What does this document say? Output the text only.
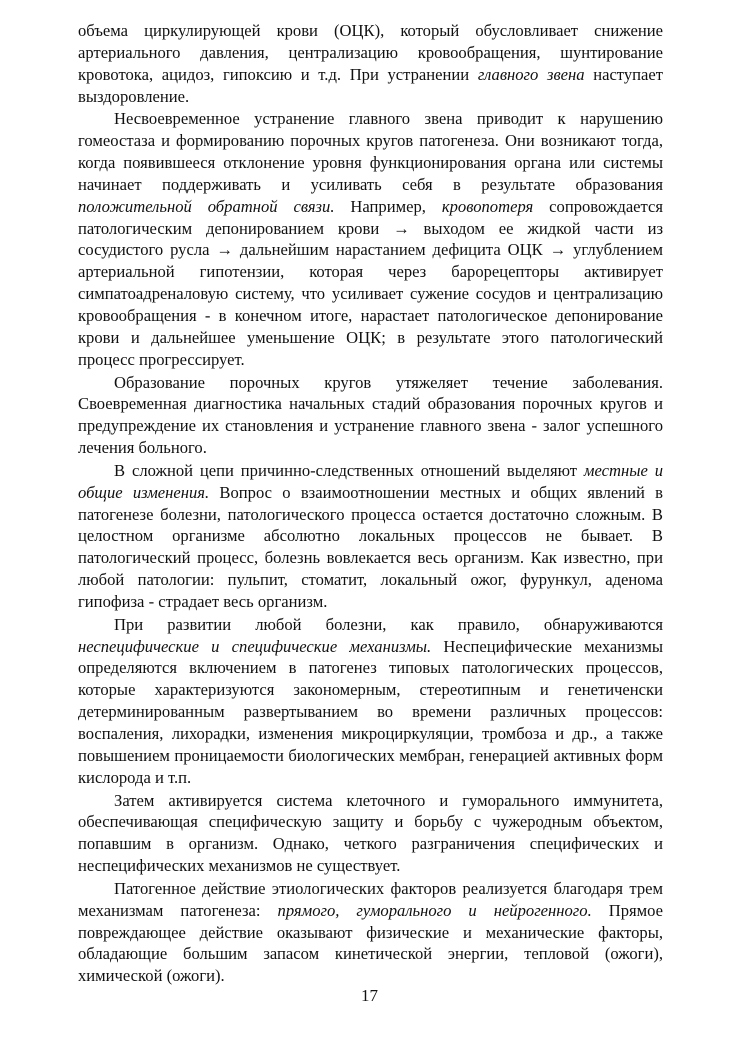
объема циркулирующей крови (ОЦК), который обусловливает снижение артериального давления, централизацию кровообращения, шунтирование кровотока, ацидоз, гипоксию и т.д. При устранении главного звена наступает выздоровление.

Несвоевременное устранение главного звена приводит к нарушению гомеостаза и формированию порочных кругов патогенеза. Они возникают тогда, когда появившееся отклонение уровня функционирования органа или системы начинает поддерживать и усиливать себя в результате образования положительной обратной связи. Например, кровопотеря сопровождается патологическим депонированием крови → выходом ее жидкой части из сосудистого русла → дальнейшим нарастанием дефицита ОЦК → углублением артериальной гипотензии, которая через барорецепторы активирует симпатоадреналовую систему, что усиливает сужение сосудов и централизацию кровообращения - в конечном итоге, нарастает патологическое депонирование крови и дальнейшее уменьшение ОЦК; в результате этого патологический процесс прогрессирует.

Образование порочных кругов утяжеляет течение заболевания. Своевременная диагностика начальных стадий образования порочных кругов и предупреждение их становления и устранение главного звена - залог успешного лечения больного.

В сложной цепи причинно-следственных отношений выделяют местные и общие изменения. Вопрос о взаимоотношении местных и общих явлений в патогенезе болезни, патологического процесса остается достаточно сложным. В целостном организме абсолютно локальных процессов не бывает. В патологический процесс, болезнь вовлекается весь организм. Как известно, при любой патологии: пульпит, стоматит, локальный ожог, фурункул, аденома гипофиза - страдает весь организм.

При развитии любой болезни, как правило, обнаруживаются неспецифические и специфические механизмы. Неспецифические механизмы определяются включением в патогенез типовых патологических процессов, которые характеризуются закономерным, стереотипным и генетиченски детерминированным развертыванием во времени различных процессов: воспаления, лихорадки, изменения микроциркуляции, тромбоза и др., а также повышением проницаемости биологических мембран, генерацией активных форм кислорода и т.п.

Затем активируется система клеточного и гуморального иммунитета, обеспечивающая специфическую защиту и борьбу с чужеродным объектом, попавшим в организм. Однако, четкого разграничения специфических и неспецифических механизмов не существует.

Патогенное действие этиологических факторов реализуется благодаря трем механизмам патогенеза: прямого, гуморального и нейрогенного. Прямое повреждающее действие оказывают физические и механические факторы, обладающие большим запасом кинетической энергии, тепловой (ожоги), химической (ожоги).

17
